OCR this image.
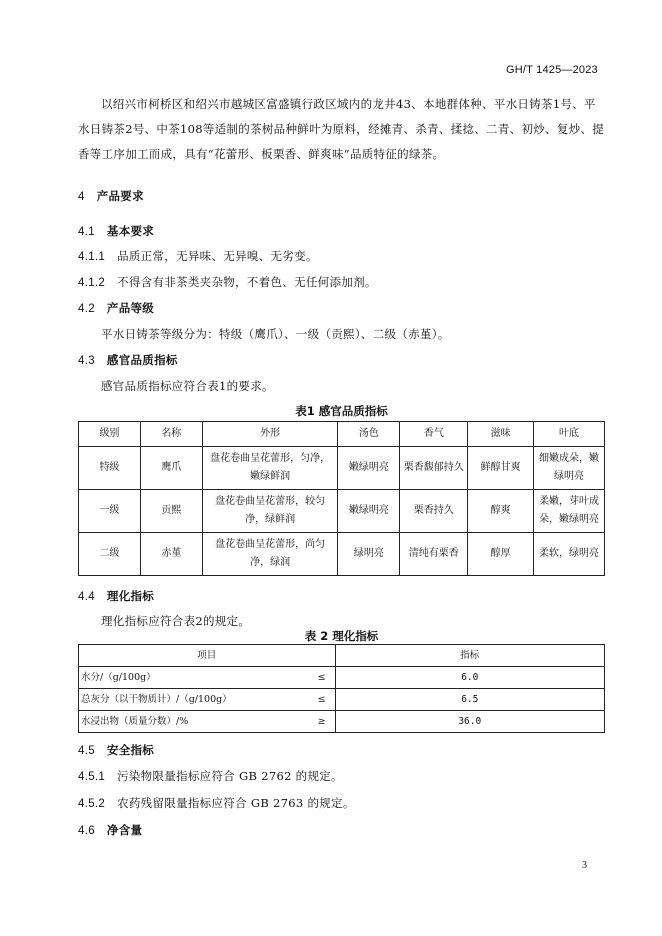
GH/T 1425—2023
以绍兴市柯桥区和绍兴市越城区富盛镇行政区域内的龙井43、本地群体种、平水日铸茶1号、平水日铸茶2号、中茶108等适制的茶树品种鲜叶为原料，经摊青、杀青、揉捻、二青、初炒、复炒、提香等工序加工而成，具有“花蕾形、板栗香、鲜爽味”品质特征的绿茶。
4 产品要求
4.1 基本要求
4.1.1 品质正常，无异味、无异嗅、无劣变。
4.1.2 不得含有非茶类夹杂物，不着色、无任何添加剂。
4.2 产品等级
平水日铸茶等级分为：特级（鹰爪）、一级（贡熙）、二级（赤堇）。
4.3 感官品质指标
感官品质指标应符合表1的要求。
表1 感官品质指标
级别	名称	外形	汤色	香气	滋味	叶底
特级	鹰爪	盘花卷曲呈花蕾形，匀净，嫩绿鲜润	嫩绿明亮	栗香馥郁持久	鲜醇甘爽	细嫩成朵，嫩绿明亮
一级	贡熙	盘花卷曲呈花蕾形，较匀净，绿鲜润	嫩绿明亮	栗香持久	醇爽	柔嫩，芽叶成朵，嫩绿明亮
二级	赤堇	盘花卷曲呈花蕾形，尚匀净，绿润	绿明亮	清纯有栗香	醇厚	柔软，绿明亮
4.4 理化指标
理化指标应符合表2的规定。
表 2 理化指标
项目	指标
水分/（g/100g） ≤	6.0
总灰分（以干物质计）/（g/100g） ≤	6.5
水浸出物（质量分数）/% ≥	36.0
4.5 安全指标
4.5.1 污染物限量指标应符合 GB 2762 的规定。
4.5.2 农药残留限量指标应符合 GB 2763 的规定。
4.6 净含量
3
